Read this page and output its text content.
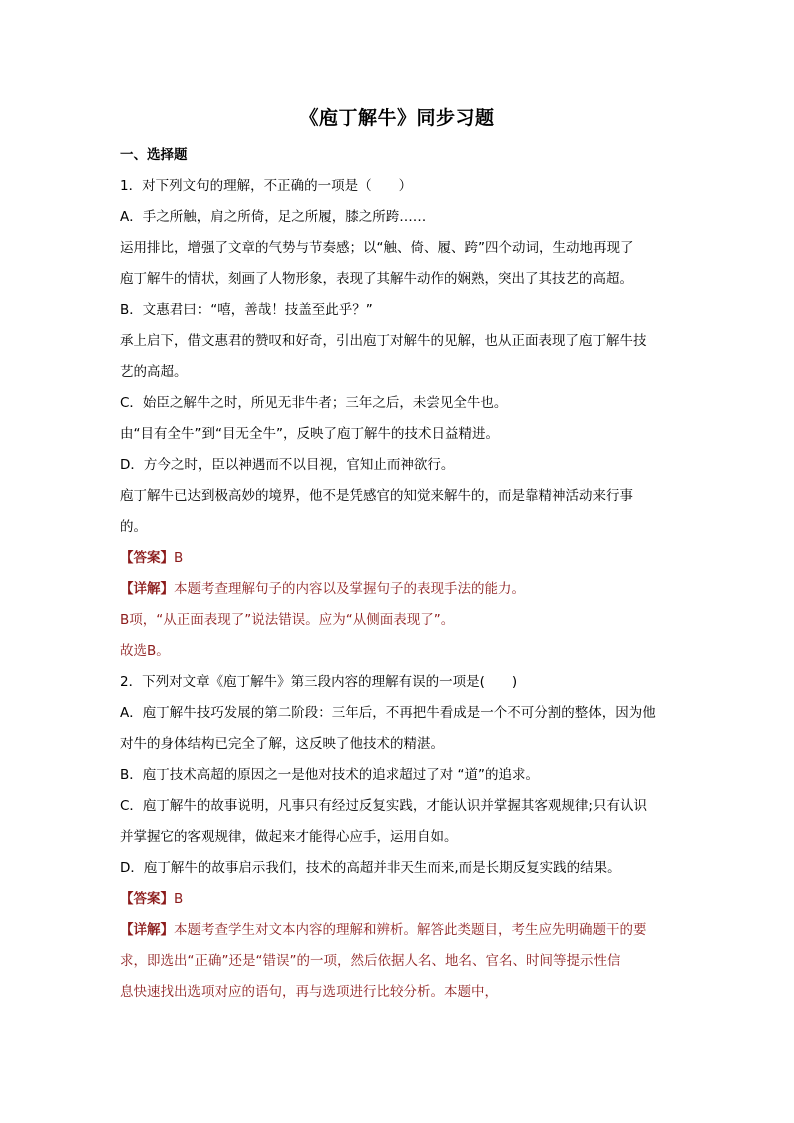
《庖丁解牛》同步习题
一、选择题
1．对下列文句的理解，不正确的一项是（　　）
A．手之所触，肩之所倚，足之所履，膝之所跨……
运用排比，增强了文章的气势与节奏感；以“触、倚、履、跨”四个动词，生动地再现了
庖丁解牛的情状，刻画了人物形象，表现了其解牛动作的娴熟，突出了其技艺的高超。
B．文惠君曰：“嘻，善哉！技盖至此乎？”
承上启下，借文惠君的赞叹和好奇，引出庖丁对解牛的见解，也从正面表现了庖丁解牛技
艺的高超。
C．始臣之解牛之时，所见无非牛者；三年之后，未尝见全牛也。
由“目有全牛”到“目无全牛”，反映了庖丁解牛的技术日益精进。
D．方今之时，臣以神遇而不以目视，官知止而神欲行。
庖丁解牛已达到极高妙的境界，他不是凭感官的知觉来解牛的，而是靠精神活动来行事
的。
【答案】B
【详解】本题考查理解句子的内容以及掌握句子的表现手法的能力。
B项，“从正面表现了”说法错误。应为“从侧面表现了”。
故选B。
2．下列对文章《庖丁解牛》第三段内容的理解有误的一项是(　　)
A．庖丁解牛技巧发展的第二阶段：三年后，不再把牛看成是一个不可分割的整体，因为他
对牛的身体结构已完全了解，这反映了他技术的精湛。
B．庖丁技术高超的原因之一是他对技术的追求超过了对 “道”的追求。
C．庖丁解牛的故事说明，凡事只有经过反复实践，才能认识并掌握其客观规律;只有认识
并掌握它的客观规律，做起来才能得心应手，运用自如。
D．庖丁解牛的故事启示我们，技术的高超并非天生而来,而是长期反复实践的结果。
【答案】B
【详解】本题考查学生对文本内容的理解和辨析。解答此类题目，考生应先明确题干的要
求，即选出“正确”还是“错误”的一项，然后依据人名、地名、官名、时间等提示性信
息快速找出选项对应的语句，再与选项进行比较分析。本题中，
